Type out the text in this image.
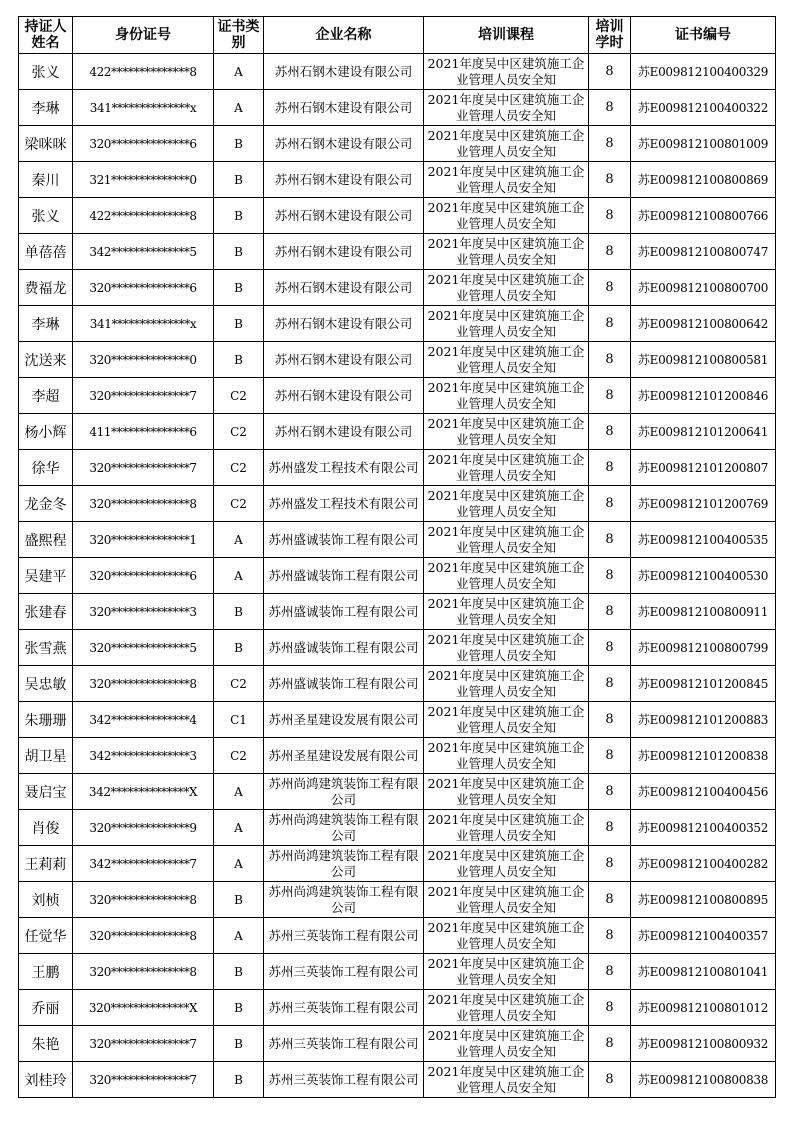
持证人姓名	身份证号	证书类别	企业名称	培训课程	培训学时	证书编号
张义	422**************8	A	苏州石钢木建设有限公司	2021年度吴中区建筑施工企业管理人员安全知	8	苏E009812100400329
李琳	341**************x	A	苏州石钢木建设有限公司	2021年度吴中区建筑施工企业管理人员安全知	8	苏E009812100400322
梁咪咪	320**************6	B	苏州石钢木建设有限公司	2021年度吴中区建筑施工企业管理人员安全知	8	苏E009812100801009
秦川	321**************0	B	苏州石钢木建设有限公司	2021年度吴中区建筑施工企业管理人员安全知	8	苏E009812100800869
张义	422**************8	B	苏州石钢木建设有限公司	2021年度吴中区建筑施工企业管理人员安全知	8	苏E009812100800766
单蓓蓓	342**************5	B	苏州石钢木建设有限公司	2021年度吴中区建筑施工企业管理人员安全知	8	苏E009812100800747
费福龙	320**************6	B	苏州石钢木建设有限公司	2021年度吴中区建筑施工企业管理人员安全知	8	苏E009812100800700
李琳	341**************x	B	苏州石钢木建设有限公司	2021年度吴中区建筑施工企业管理人员安全知	8	苏E009812100800642
沈送来	320**************0	B	苏州石钢木建设有限公司	2021年度吴中区建筑施工企业管理人员安全知	8	苏E009812100800581
李超	320**************7	C2	苏州石钢木建设有限公司	2021年度吴中区建筑施工企业管理人员安全知	8	苏E009812101200846
杨小辉	411**************6	C2	苏州石钢木建设有限公司	2021年度吴中区建筑施工企业管理人员安全知	8	苏E009812101200641
徐华	320**************7	C2	苏州盛发工程技术有限公司	2021年度吴中区建筑施工企业管理人员安全知	8	苏E009812101200807
龙金冬	320**************8	C2	苏州盛发工程技术有限公司	2021年度吴中区建筑施工企业管理人员安全知	8	苏E009812101200769
盛熙程	320**************1	A	苏州盛诚装饰工程有限公司	2021年度吴中区建筑施工企业管理人员安全知	8	苏E009812100400535
吴建平	320**************6	A	苏州盛诚装饰工程有限公司	2021年度吴中区建筑施工企业管理人员安全知	8	苏E009812100400530
张建春	320**************3	B	苏州盛诚装饰工程有限公司	2021年度吴中区建筑施工企业管理人员安全知	8	苏E009812100800911
张雪燕	320**************5	B	苏州盛诚装饰工程有限公司	2021年度吴中区建筑施工企业管理人员安全知	8	苏E009812100800799
吴忠敏	320**************8	C2	苏州盛诚装饰工程有限公司	2021年度吴中区建筑施工企业管理人员安全知	8	苏E009812101200845
朱珊珊	342**************4	C1	苏州圣星建设发展有限公司	2021年度吴中区建筑施工企业管理人员安全知	8	苏E009812101200883
胡卫星	342**************3	C2	苏州圣星建设发展有限公司	2021年度吴中区建筑施工企业管理人员安全知	8	苏E009812101200838
聂启宝	342**************X	A	苏州尚鸿建筑装饰工程有限公司	2021年度吴中区建筑施工企业管理人员安全知	8	苏E009812100400456
肖俊	320**************9	A	苏州尚鸿建筑装饰工程有限公司	2021年度吴中区建筑施工企业管理人员安全知	8	苏E009812100400352
王莉莉	342**************7	A	苏州尚鸿建筑装饰工程有限公司	2021年度吴中区建筑施工企业管理人员安全知	8	苏E009812100400282
刘桢	320**************8	B	苏州尚鸿建筑装饰工程有限公司	2021年度吴中区建筑施工企业管理人员安全知	8	苏E009812100800895
任觉华	320**************8	A	苏州三英装饰工程有限公司	2021年度吴中区建筑施工企业管理人员安全知	8	苏E009812100400357
王鹏	320**************8	B	苏州三英装饰工程有限公司	2021年度吴中区建筑施工企业管理人员安全知	8	苏E009812100801041
乔丽	320**************X	B	苏州三英装饰工程有限公司	2021年度吴中区建筑施工企业管理人员安全知	8	苏E009812100801012
朱艳	320**************7	B	苏州三英装饰工程有限公司	2021年度吴中区建筑施工企业管理人员安全知	8	苏E009812100800932
刘桂玲	320**************7	B	苏州三英装饰工程有限公司	2021年度吴中区建筑施工企业管理人员安全知	8	苏E009812100800838
